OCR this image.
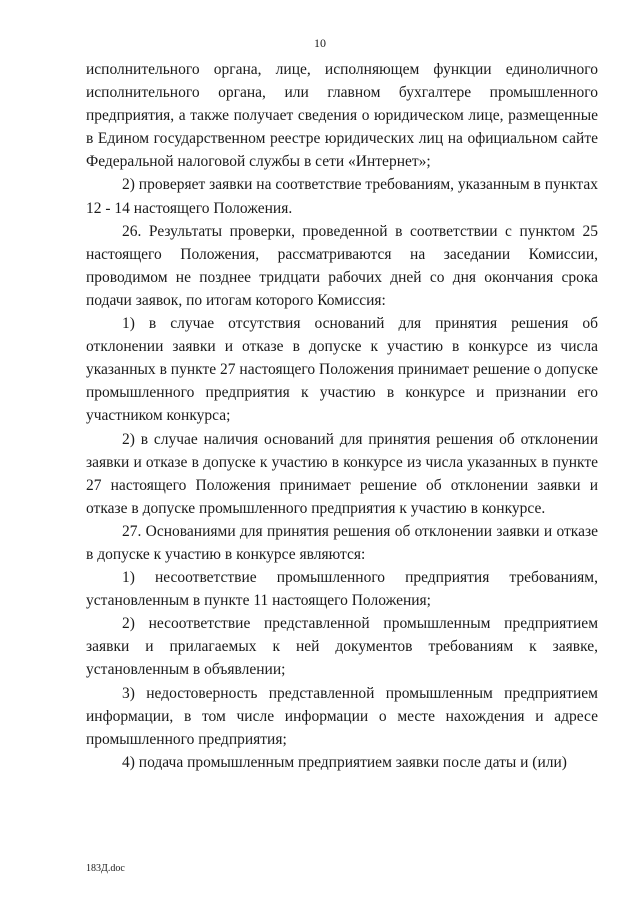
10

исполнительного органа, лице, исполняющем функции единоличного исполнительного органа, или главном бухгалтере промышленного предприятия, а также получает сведения о юридическом лице, размещенные в Едином государственном реестре юридических лиц на официальном сайте Федеральной налоговой службы в сети «Интернет»;

2) проверяет заявки на соответствие требованиям, указанным в пунктах 12 - 14 настоящего Положения.

26. Результаты проверки, проведенной в соответствии с пунктом 25 настоящего Положения, рассматриваются на заседании Комиссии, проводимом не позднее тридцати рабочих дней со дня окончания срока подачи заявок, по итогам которого Комиссия:

1) в случае отсутствия оснований для принятия решения об отклонении заявки и отказе в допуске к участию в конкурсе из числа указанных в пункте 27 настоящего Положения принимает решение о допуске промышленного предприятия к участию в конкурсе и признании его участником конкурса;

2) в случае наличия оснований для принятия решения об отклонении заявки и отказе в допуске к участию в конкурсе из числа указанных в пункте 27 настоящего Положения принимает решение об отклонении заявки и отказе в допуске промышленного предприятия к участию в конкурсе.

27. Основаниями для принятия решения об отклонении заявки и отказе в допуске к участию в конкурсе являются:

1) несоответствие промышленного предприятия требованиям, установленным в пункте 11 настоящего Положения;

2) несоответствие представленной промышленным предприятием заявки и прилагаемых к ней документов требованиям к заявке, установленным в объявлении;

3) недостоверность представленной промышленным предприятием информации, в том числе информации о месте нахождения и адресе промышленного предприятия;

4) подача промышленным предприятием заявки после даты и (или)

183Д.doc
